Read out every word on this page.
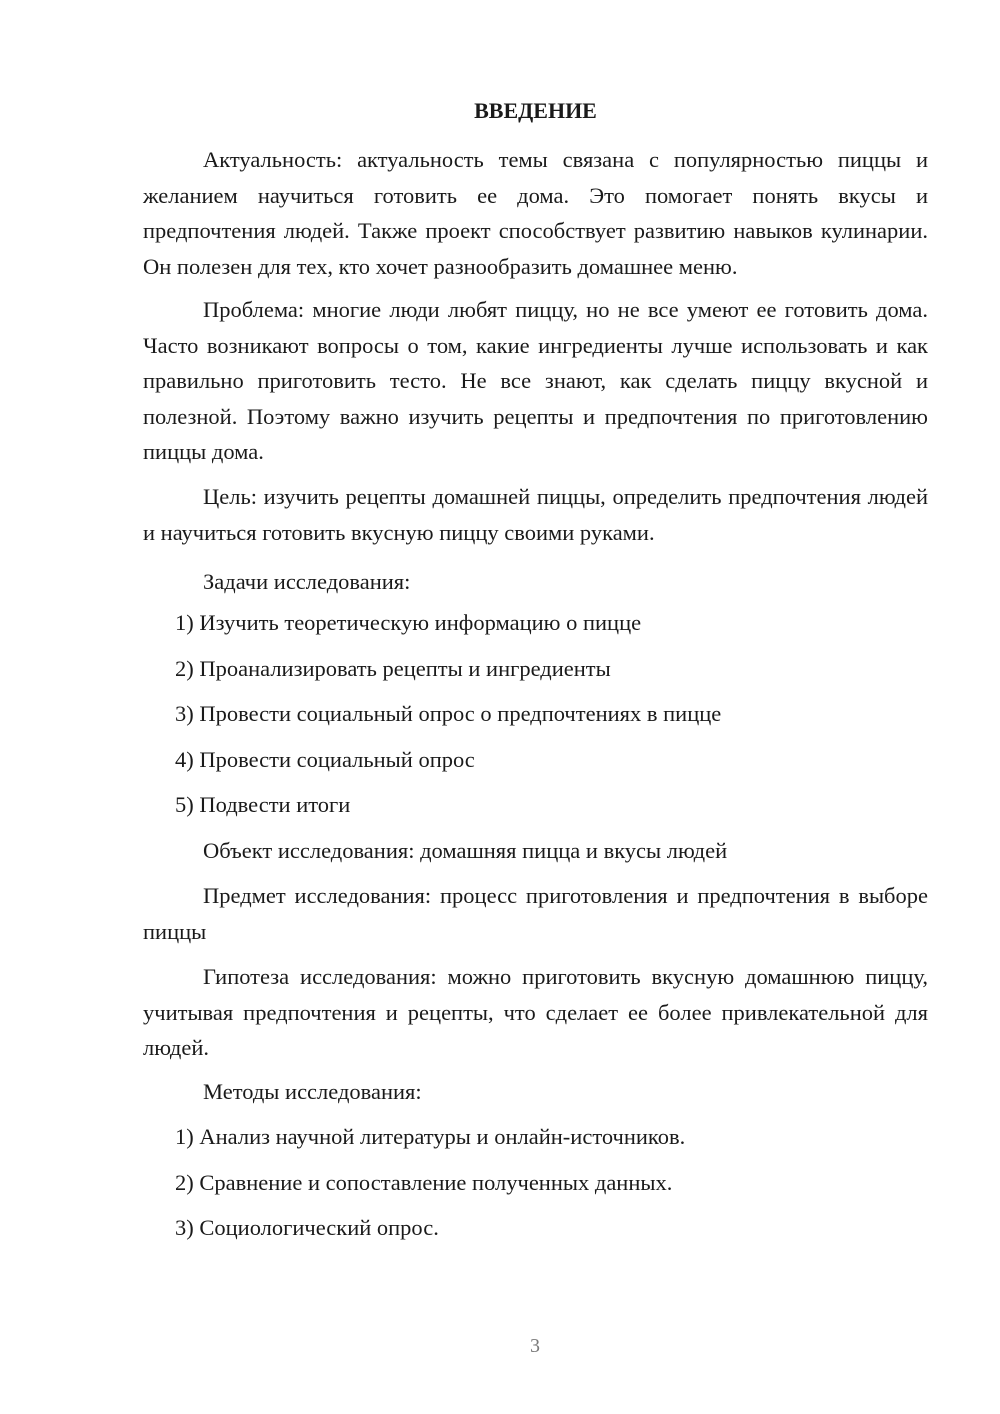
ВВЕДЕНИЕ

Актуальность: актуальность темы связана с популярностью пиццы и желанием научиться готовить ее дома. Это помогает понять вкусы и предпочтения людей. Также проект способствует развитию навыков кулинарии. Он полезен для тех, кто хочет разнообразить домашнее меню.

Проблема: многие люди любят пиццу, но не все умеют ее готовить дома. Часто возникают вопросы о том, какие ингредиенты лучше использовать и как правильно приготовить тесто. Не все знают, как сделать пиццу вкусной и полезной. Поэтому важно изучить рецепты и предпочтения по приготовлению пиццы дома.

Цель: изучить рецепты домашней пиццы, определить предпочтения людей и научиться готовить вкусную пиццу своими руками.

Задачи исследования:

1) Изучить теоретическую информацию о пицце

2) Проанализировать рецепты и ингредиенты

3) Провести социальный опрос о предпочтениях в пицце

4) Провести социальный опрос

5) Подвести итоги

Объект исследования: домашняя пицца и вкусы людей

Предмет исследования: процесс приготовления и предпочтения в выборе пиццы

Гипотеза исследования: можно приготовить вкусную домашнюю пиццу, учитывая предпочтения и рецепты, что сделает ее более привлекательной для людей.

Методы исследования:

1) Анализ научной литературы и онлайн-источников.

2) Сравнение и сопоставление полученных данных.

3) Социологический опрос.

3
